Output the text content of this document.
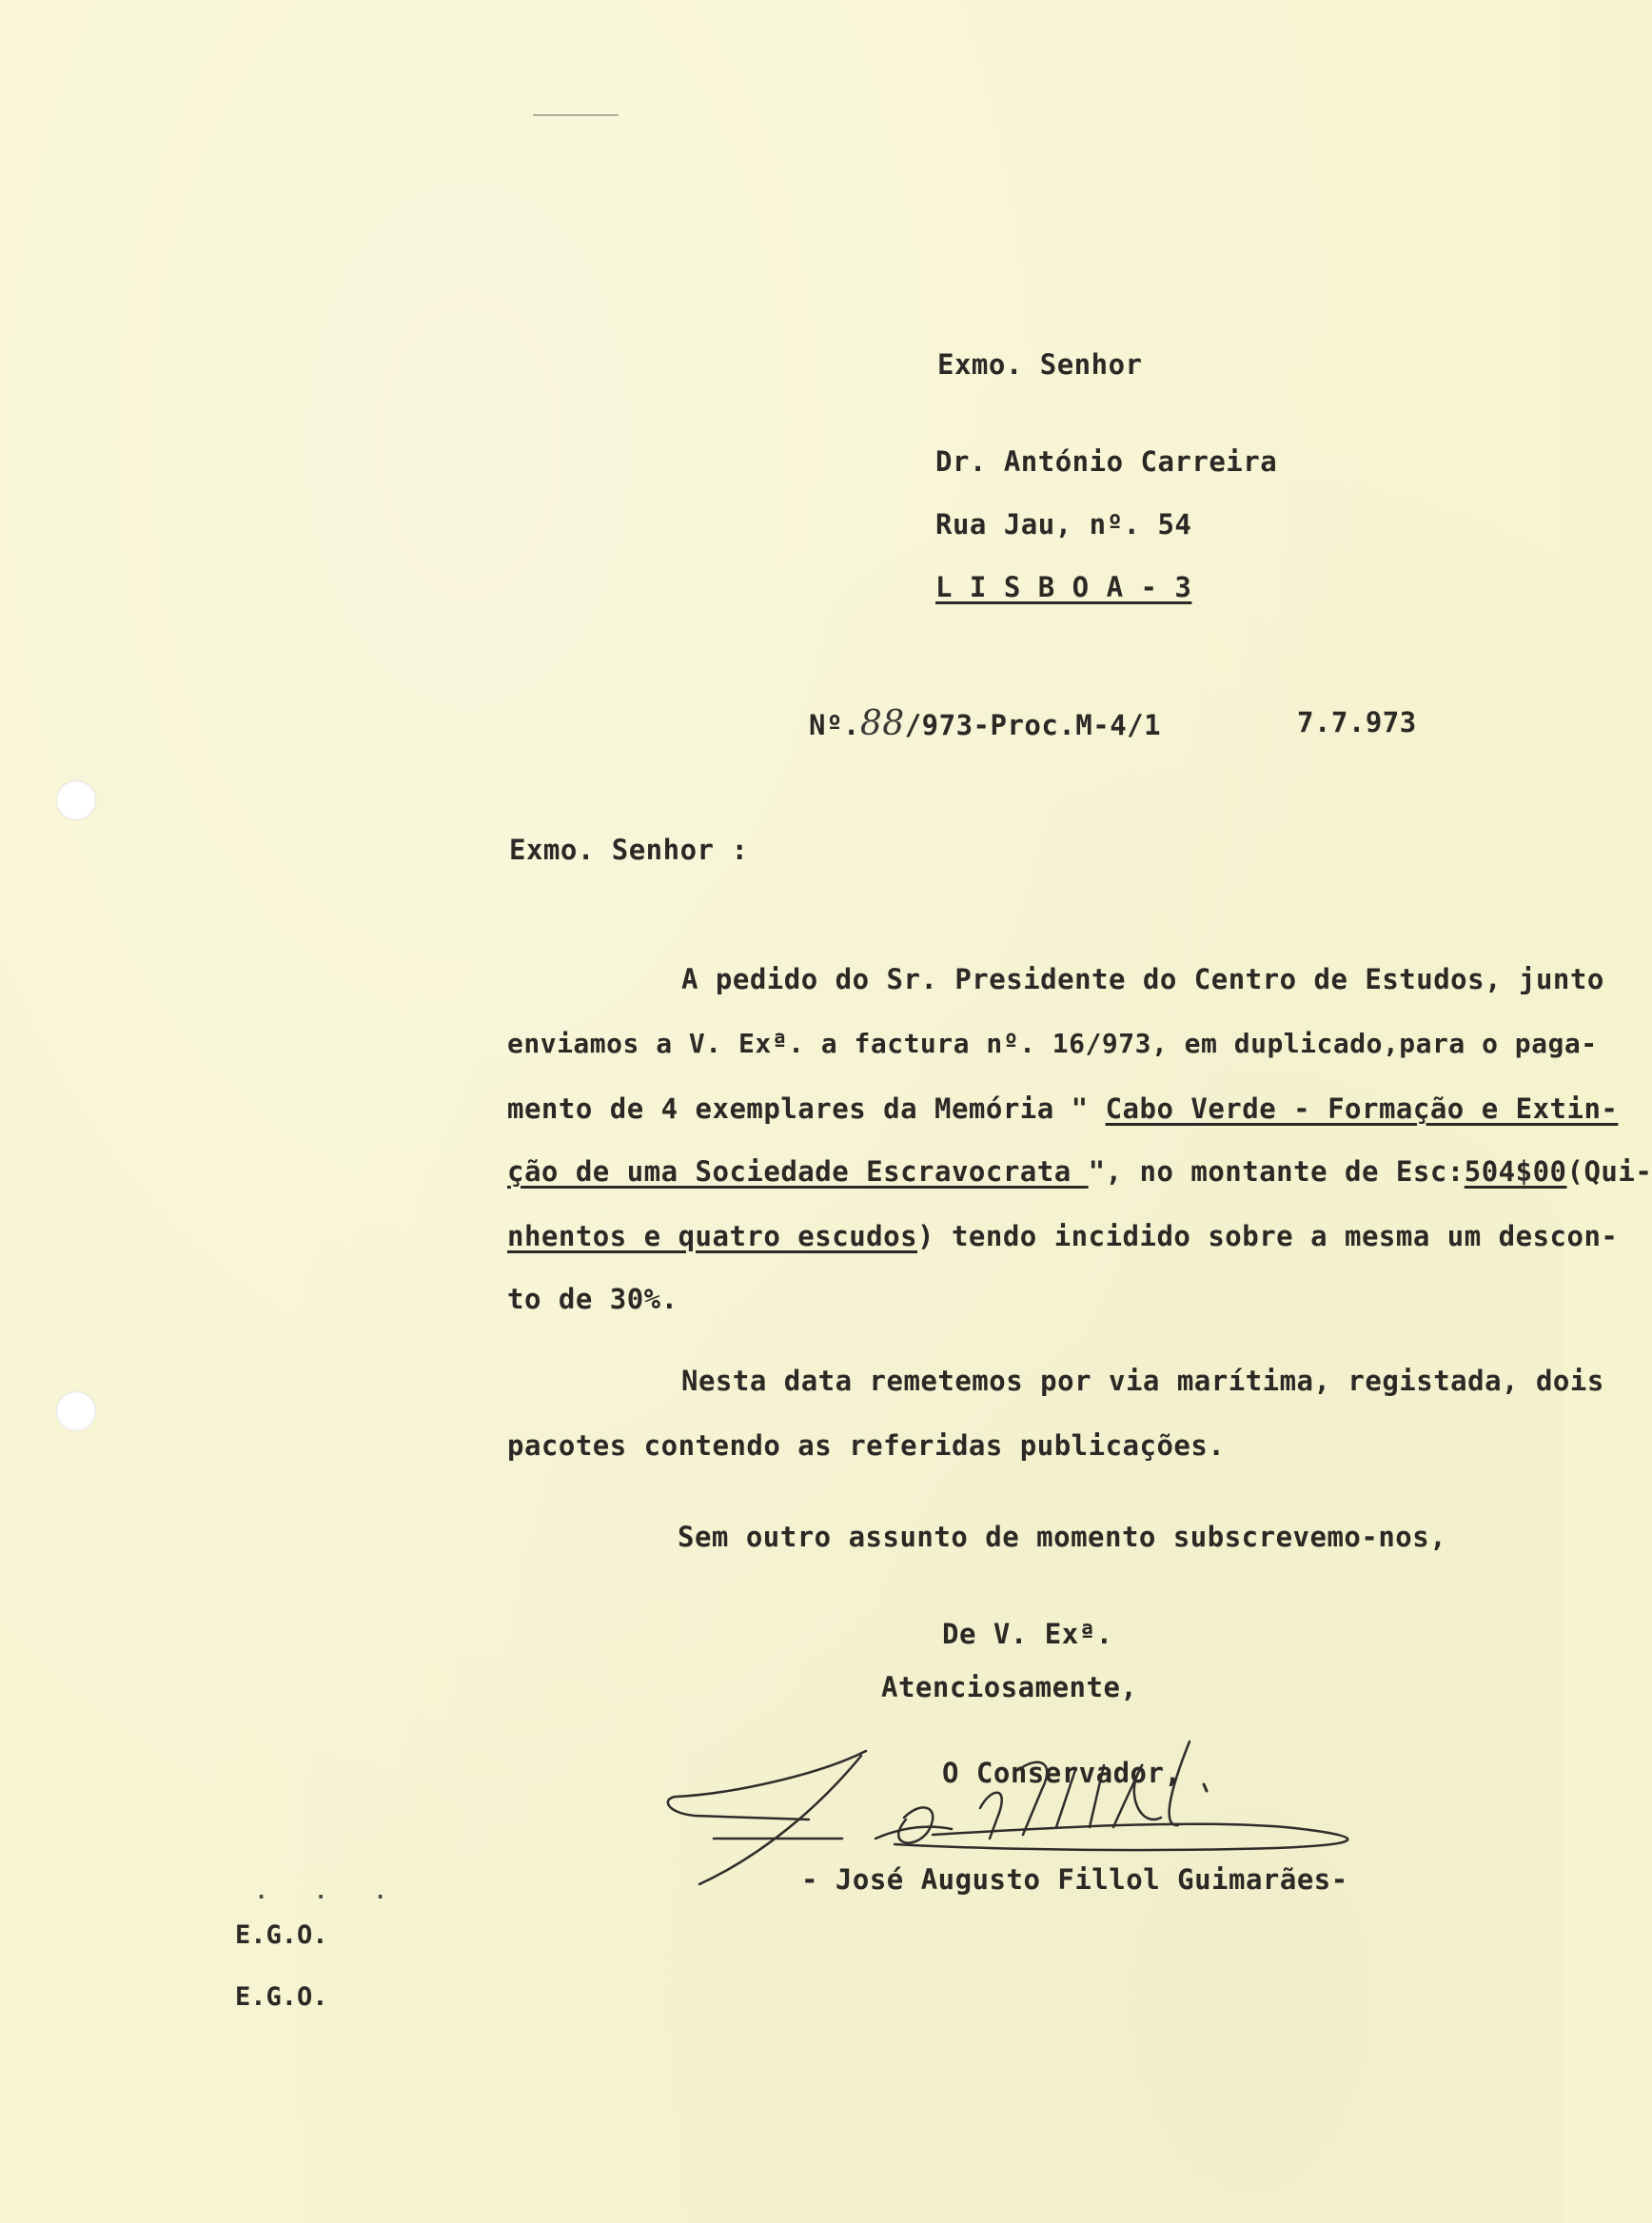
Exmo. Senhor

Dr. António Carreira

Rua Jau, nº. 54

L I S B O A - 3

Nº.88/973-Proc.M-4/1	7.7.973

Exmo. Senhor :

A pedido do Sr. Presidente do Centro de Estudos, junto

enviamos a V. Exª. a factura nº. 16/973, em duplicado,para o paga-

mento de 4 exemplares da Memória " Cabo Verde - Formação e Extin-
ção de uma Sociedade Escravocrata ", no montante de Esc:504$00(Qui-
nhentos e quatro escudos) tendo incidido sobre a mesma um descon-

to de 30%.

Nesta data remetemos por via marítima, registada, dois

pacotes contendo as referidas publicações.

Sem outro assunto de momento subscrevemo-nos,

De V. Exª.

Atenciosamente,

O Conservador,

- José Augusto Fillol Guimarães-

. . .

E.G.O.

E.G.O.
